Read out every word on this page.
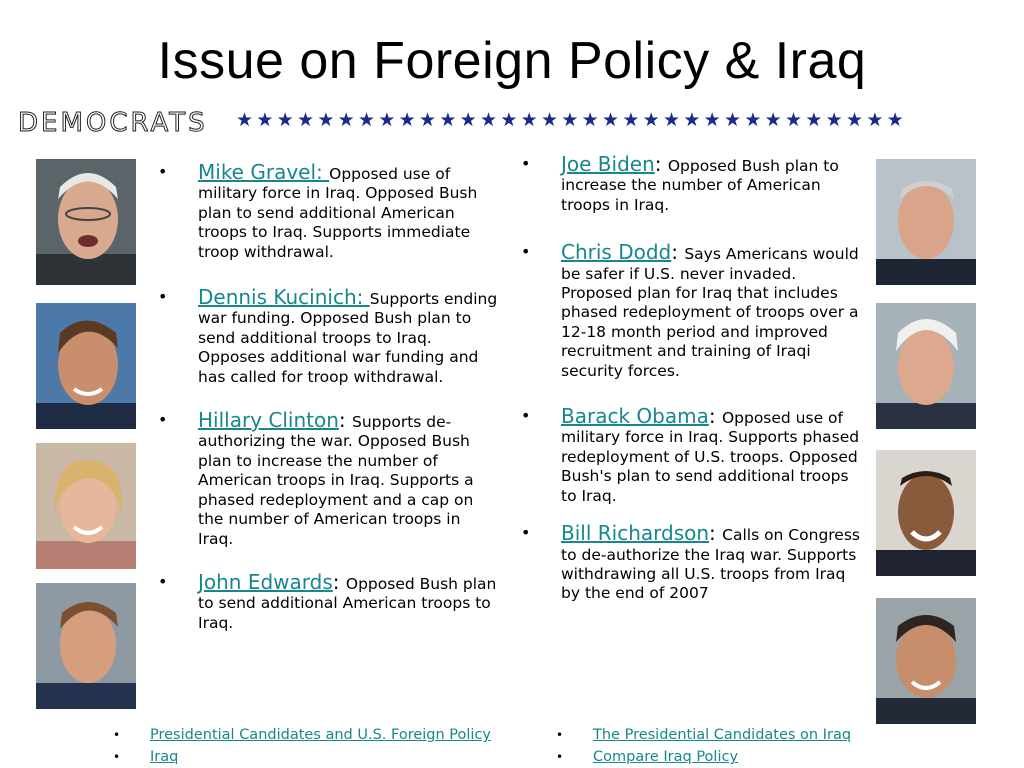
Issue on Foreign Policy & Iraq
DEMOCRATS ★★★★★★★★★★★★★★★★★★★★★★★★★★★★★★★★★
• Mike Gravel: Opposed use of military force in Iraq. Opposed Bush plan to send additional American troops to Iraq. Supports immediate troop withdrawal.
• Dennis Kucinich: Supports ending war funding. Opposed Bush plan to send additional troops to Iraq. Opposes additional war funding and has called for troop withdrawal.
• Hillary Clinton: Supports de-authorizing the war. Opposed Bush plan to increase the number of American troops in Iraq. Supports a phased redeployment and a cap on the number of American troops in Iraq.
• John Edwards: Opposed Bush plan to send additional American troops to Iraq.
• Joe Biden: Opposed Bush plan to increase the number of American troops in Iraq.
• Chris Dodd: Says Americans would be safer if U.S. never invaded. Proposed plan for Iraq that includes phased redeployment of troops over a 12-18 month period and improved recruitment and training of Iraqi security forces.
• Barack Obama: Opposed use of military force in Iraq. Supports phased redeployment of U.S. troops. Opposed Bush's plan to send additional troops to Iraq.
• Bill Richardson: Calls on Congress to de-authorize the Iraq war. Supports withdrawing all U.S. troops from Iraq by the end of 2007
• Presidential Candidates and U.S. Foreign Policy
• Iraq
• The Presidential Candidates on Iraq
• Compare Iraq Policy
